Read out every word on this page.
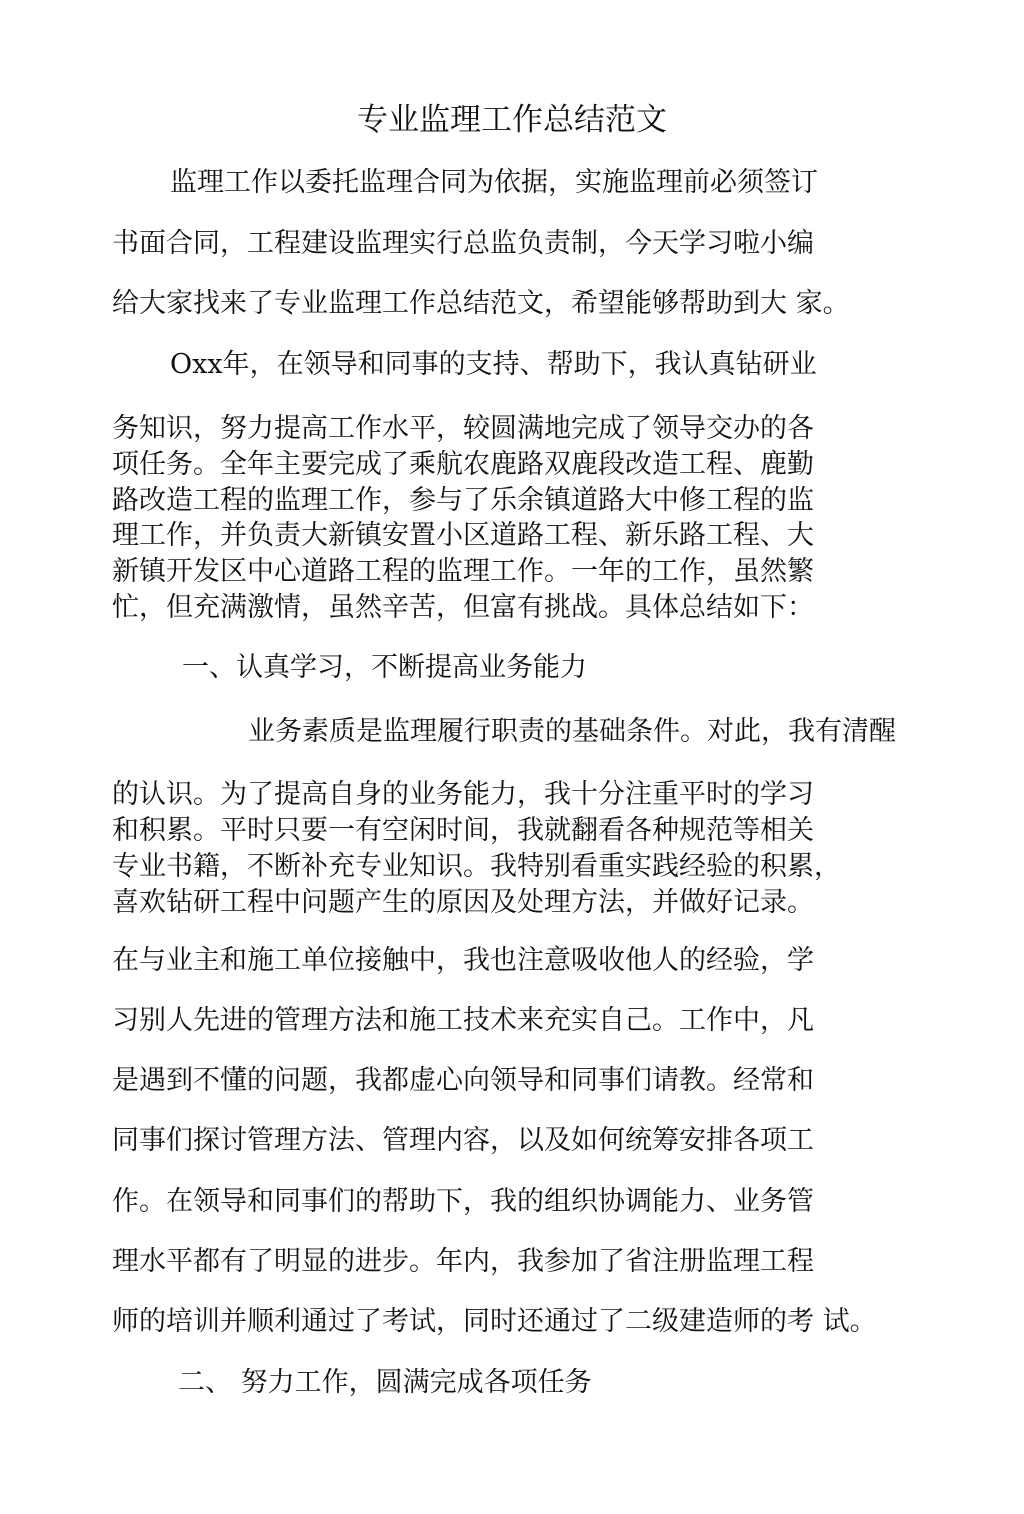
专业监理工作总结范文
监理工作以委托监理合同为依据，实施监理前必须签订
书面合同，工程建设监理实行总监负责制，今天学习啦小编
给大家找来了专业监理工作总结范文，希望能够帮助到大 家。
Oxx年，在领导和同事的支持、帮助下，我认真钻研业
务知识，努力提高工作水平，较圆满地完成了领导交办的各
项任务。全年主要完成了乘航农鹿路双鹿段改造工程、鹿勤
路改造工程的监理工作，参与了乐余镇道路大中修工程的监
理工作，并负责大新镇安置小区道路工程、新乐路工程、大
新镇开发区中心道路工程的监理工作。一年的工作，虽然繁
忙，但充满激情，虽然辛苦，但富有挑战。具体总结如下：
一、认真学习，不断提高业务能力
业务素质是监理履行职责的基础条件。对此，我有清醒
的认识。为了提高自身的业务能力，我十分注重平时的学习
和积累。平时只要一有空闲时间，我就翻看各种规范等相关
专业书籍，不断补充专业知识。我特别看重实践经验的积累，
喜欢钻研工程中问题产生的原因及处理方法，并做好记录。
在与业主和施工单位接触中，我也注意吸收他人的经验，学
习别人先进的管理方法和施工技术来充实自己。工作中，凡
是遇到不懂的问题，我都虚心向领导和同事们请教。经常和
同事们探讨管理方法、管理内容，以及如何统筹安排各项工
作。在领导和同事们的帮助下，我的组织协调能力、业务管
理水平都有了明显的进步。年内，我参加了省注册监理工程
师的培训并顺利通过了考试，同时还通过了二级建造师的考 试。
二、 努力工作，圆满完成各项任务
